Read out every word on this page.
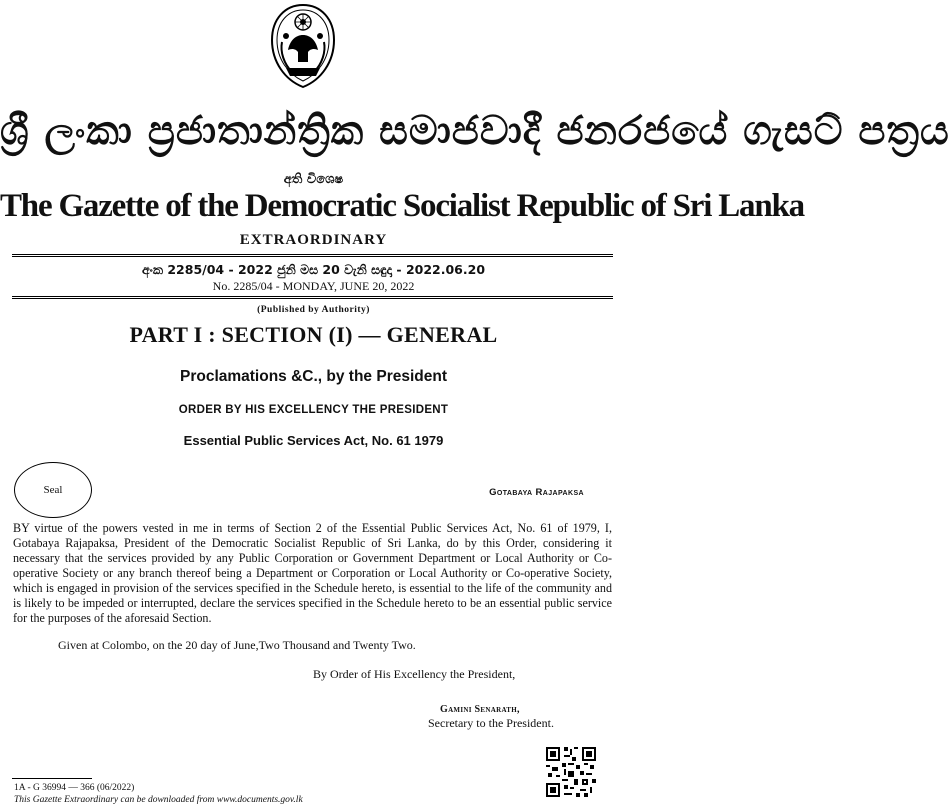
ශ්‍රී ලංකා ප්‍රජාතාන්ත්‍රික සමාජවාදී ජනරජයේ ගැසට් පත්‍රය
අති විශෙෂ
The Gazette of the Democratic Socialist Republic of Sri Lanka
EXTRAORDINARY
අංක 2285/04 - 2022 ජුනි මස 20 වැනි සඳුදා - 2022.06.20
No. 2285/04 - MONDAY, JUNE 20, 2022
(Published by Authority)
PART I : SECTION (I) — GENERAL
Proclamations &C., by the President
ORDER BY HIS EXCELLENCY THE PRESIDENT
Essential Public Services Act, No. 61 1979
Seal	Gotabaya Rajapaksa
BY virtue of the powers vested in me in terms of Section 2 of the Essential Public Services Act, No. 61 of 1979, I, Gotabaya Rajapaksa, President of the Democratic Socialist Republic of Sri Lanka, do by this Order, considering it necessary that the services provided by any Public Corporation or Government Department or Local Authority or Co-operative Society or any branch thereof being a Department or Corporation or Local Authority or Co-operative Society, which is engaged in provision of the services specified in the Schedule hereto, is essential to the life of the community and is likely to be impeded or interrupted, declare the services specified in the Schedule hereto to be an essential public service for the purposes of the aforesaid Section.
Given at Colombo, on the 20 day of June,Two Thousand and Twenty Two.
By Order of His Excellency the President,
Gamini Senarath,
Secretary to the President.
1A - G 36994 — 366 (06/2022)
This Gazette Extraordinary can be downloaded from www.documents.gov.lk
